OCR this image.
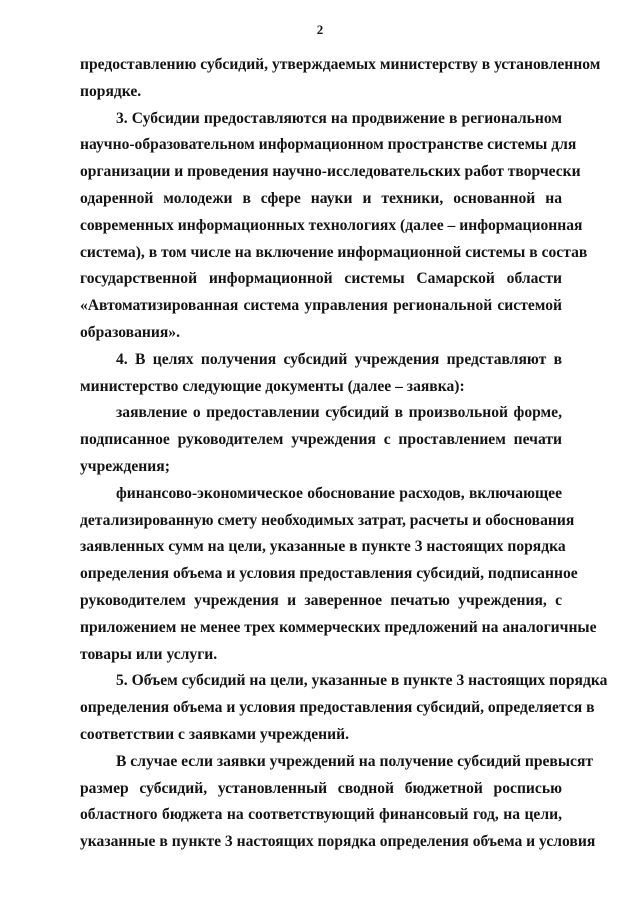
2
предоставлению субсидий, утверждаемых министерству в установленном
порядке.
3. Субсидии предоставляются на продвижение в региональном
научно-образовательном информационном пространстве системы для
организации и проведения научно-исследовательских работ творчески
одаренной молодежи в сфере науки и техники, основанной на
современных информационных технологиях (далее – информационная
система), в том числе на включение информационной системы в состав
государственной информационной системы Самарской области
«Автоматизированная система управления региональной системой
образования».
4. В целях получения субсидий учреждения представляют в
министерство следующие документы (далее – заявка):
заявление о предоставлении субсидий в произвольной форме,
подписанное руководителем учреждения с проставлением печати
учреждения;
финансово-экономическое обоснование расходов, включающее
детализированную смету необходимых затрат, расчеты и обоснования
заявленных сумм на цели, указанные в пункте 3 настоящих порядка
определения объема и условия предоставления субсидий, подписанное
руководителем учреждения и заверенное печатью учреждения, с
приложением не менее трех коммерческих предложений на аналогичные
товары или услуги.
5. Объем субсидий на цели, указанные в пункте 3 настоящих порядка
определения объема и условия предоставления субсидий, определяется в
соответствии с заявками учреждений.
В случае если заявки учреждений на получение субсидий превысят
размер субсидий, установленный сводной бюджетной росписью
областного бюджета на соответствующий финансовый год, на цели,
указанные в пункте 3 настоящих порядка определения объема и условия
